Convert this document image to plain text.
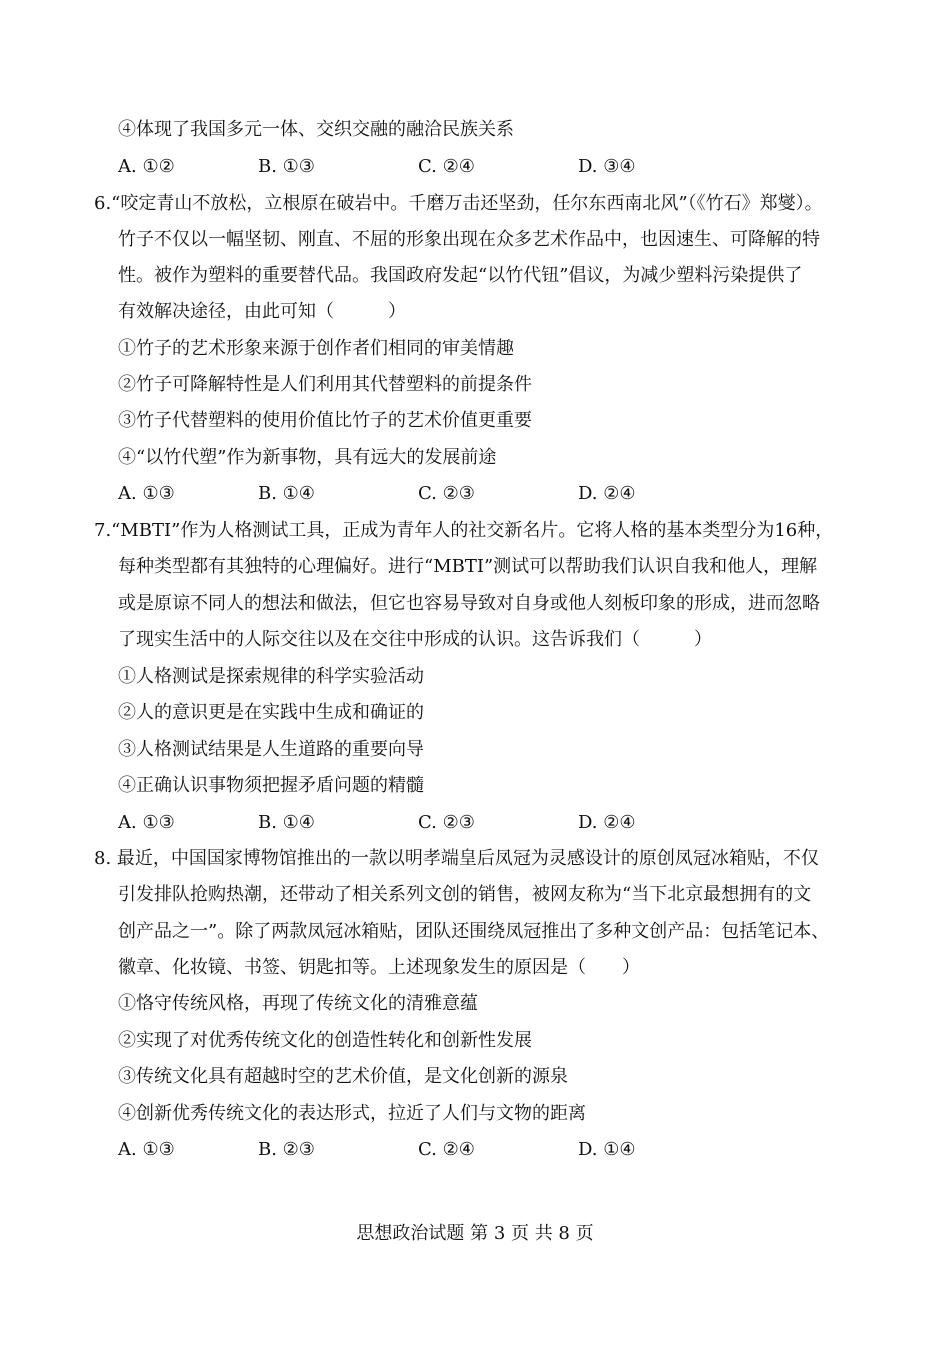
④体现了我国多元一体、交织交融的融洽民族关系
A. ①②	B. ①③	C. ②④	D. ③④
6.“咬定青山不放松，立根原在破岩中。千磨万击还坚劲，任尔东西南北风”（《竹石》郑燮）。
竹子不仅以一幅坚韧、刚直、不屈的形象出现在众多艺术作品中，也因速生、可降解的特
性。被作为塑料的重要替代品。我国政府发起“以竹代钮”倡议，为减少塑料污染提供了
有效解决途径，由此可知（　　　）
①竹子的艺术形象来源于创作者们相同的审美情趣
②竹子可降解特性是人们利用其代替塑料的前提条件
③竹子代替塑料的使用价值比竹子的艺术价值更重要
④“以竹代塑”作为新事物，具有远大的发展前途
A. ①③	B. ①④	C. ②③	D. ②④
7.“MBTI”作为人格测试工具，正成为青年人的社交新名片。它将人格的基本类型分为16种，
每种类型都有其独特的心理偏好。进行“MBTI”测试可以帮助我们认识自我和他人，理解
或是原谅不同人的想法和做法，但它也容易导致对自身或他人刻板印象的形成，进而忽略
了现实生活中的人际交往以及在交往中形成的认识。这告诉我们（　　　）
①人格测试是探索规律的科学实验活动
②人的意识更是在实践中生成和确证的
③人格测试结果是人生道路的重要向导
④正确认识事物须把握矛盾问题的精髓
A. ①③	B. ①④	C. ②③	D. ②④
8. 最近，中国国家博物馆推出的一款以明孝端皇后凤冠为灵感设计的原创凤冠冰箱贴，不仅
引发排队抢购热潮，还带动了相关系列文创的销售，被网友称为“当下北京最想拥有的文
创产品之一”。除了两款凤冠冰箱贴，团队还围绕凤冠推出了多种文创产品：包括笔记本、
徽章、化妆镜、书签、钥匙扣等。上述现象发生的原因是（　　）
①恪守传统风格，再现了传统文化的清雅意蕴
②实现了对优秀传统文化的创造性转化和创新性发展
③传统文化具有超越时空的艺术价值，是文化创新的源泉
④创新优秀传统文化的表达形式，拉近了人们与文物的距离
A. ①③	B. ②③	C. ②④	D. ①④
思想政治试题 第 3 页 共 8 页
